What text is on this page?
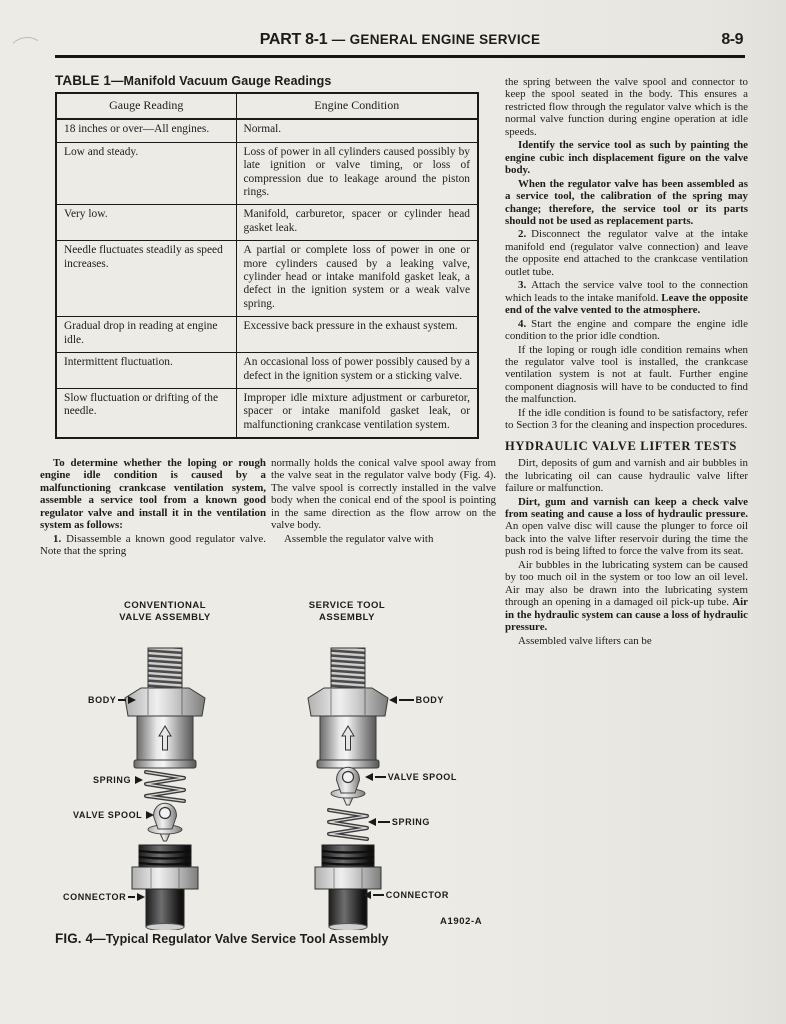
PART 8-1 — GENERAL ENGINE SERVICE	8-9
TABLE 1—Manifold Vacuum Gauge Readings
Gauge Reading	Engine Condition
18 inches or over—All engines.	Normal.
Low and steady.	Loss of power in all cylinders caused possibly by late ignition or valve timing, or loss of compression due to leakage around the piston rings.
Very low.	Manifold, carburetor, spacer or cylinder head gasket leak.
Needle fluctuates steadily as speed increases.	A partial or complete loss of power in one or more cylinders caused by a leaking valve, cylinder head or intake manifold gasket leak, a defect in the ignition system or a weak valve spring.
Gradual drop in reading at engine idle.	Excessive back pressure in the exhaust system.
Intermittent fluctuation.	An occasional loss of power possibly caused by a defect in the ignition system or a sticking valve.
Slow fluctuation or drifting of the needle.	Improper idle mixture adjustment or carburetor, spacer or intake manifold gasket leak, or malfunctioning crankcase ventilation system.

To determine whether the loping or rough engine idle condition is caused by a malfunctioning crankcase ventilation system, assemble a service tool from a known good regulator valve and install it in the ventilation system as follows:

1. Disassemble a known good regulator valve. Note that the spring

normally holds the conical valve spool away from the valve seat in the regulator valve body (Fig. 4). The valve spool is correctly installed in the valve body when the conical end of the spool is pointing in the same direction as the flow arrow on the valve body.

Assemble the regulator valve with

the spring between the valve spool and connector to keep the spool seated in the body. This ensures a restricted flow through the regulator valve which is the normal valve function during engine operation at idle speeds.

Identify the service tool as such by painting the engine cubic inch displacement figure on the valve body.

When the regulator valve has been assembled as a service tool, the calibration of the spring may change; therefore, the service tool or its parts should not be used as replacement parts.

2. Disconnect the regulator valve at the intake manifold end (regulator valve connection) and leave the opposite end attached to the crankcase ventilation outlet tube.

3. Attach the service valve tool to the connection which leads to the intake manifold. Leave the opposite end of the valve vented to the atmosphere.

4. Start the engine and compare the engine idle condition to the prior idle condtion.

If the loping or rough idle condition remains when the regulator valve tool is installed, the crankcase ventilation system is not at fault. Further engine component diagnosis will have to be conducted to find the malfunction.

If the idle condition is found to be satisfactory, refer to Section 3 for the cleaning and inspection procedures.

HYDRAULIC VALVE LIFTER TESTS

Dirt, deposits of gum and varnish and air bubbles in the lubricating oil can cause hydraulic valve lifter failure or malfunction.

Dirt, gum and varnish can keep a check valve from seating and cause a loss of hydraulic pressure. An open valve disc will cause the plunger to force oil back into the valve lifter reservoir during the time the push rod is being lifted to force the valve from its seat.

Air bubbles in the lubricating system can be caused by too much oil in the system or too low an oil level. Air may also be drawn into the lubricating system through an opening in a damaged oil pick-up tube. Air in the hydraulic system can cause a loss of hydraulic pressure.

Assembled valve lifters can be

CONVENTIONAL
VALVE ASSEMBLY
SERVICE TOOL
ASSEMBLY
BODY
SPRING
VALVE SPOOL
CONNECTOR
BODY
VALVE SPOOL
SPRING
CONNECTOR
A1902-A
FIG. 4—Typical Regulator Valve Service Tool Assembly
